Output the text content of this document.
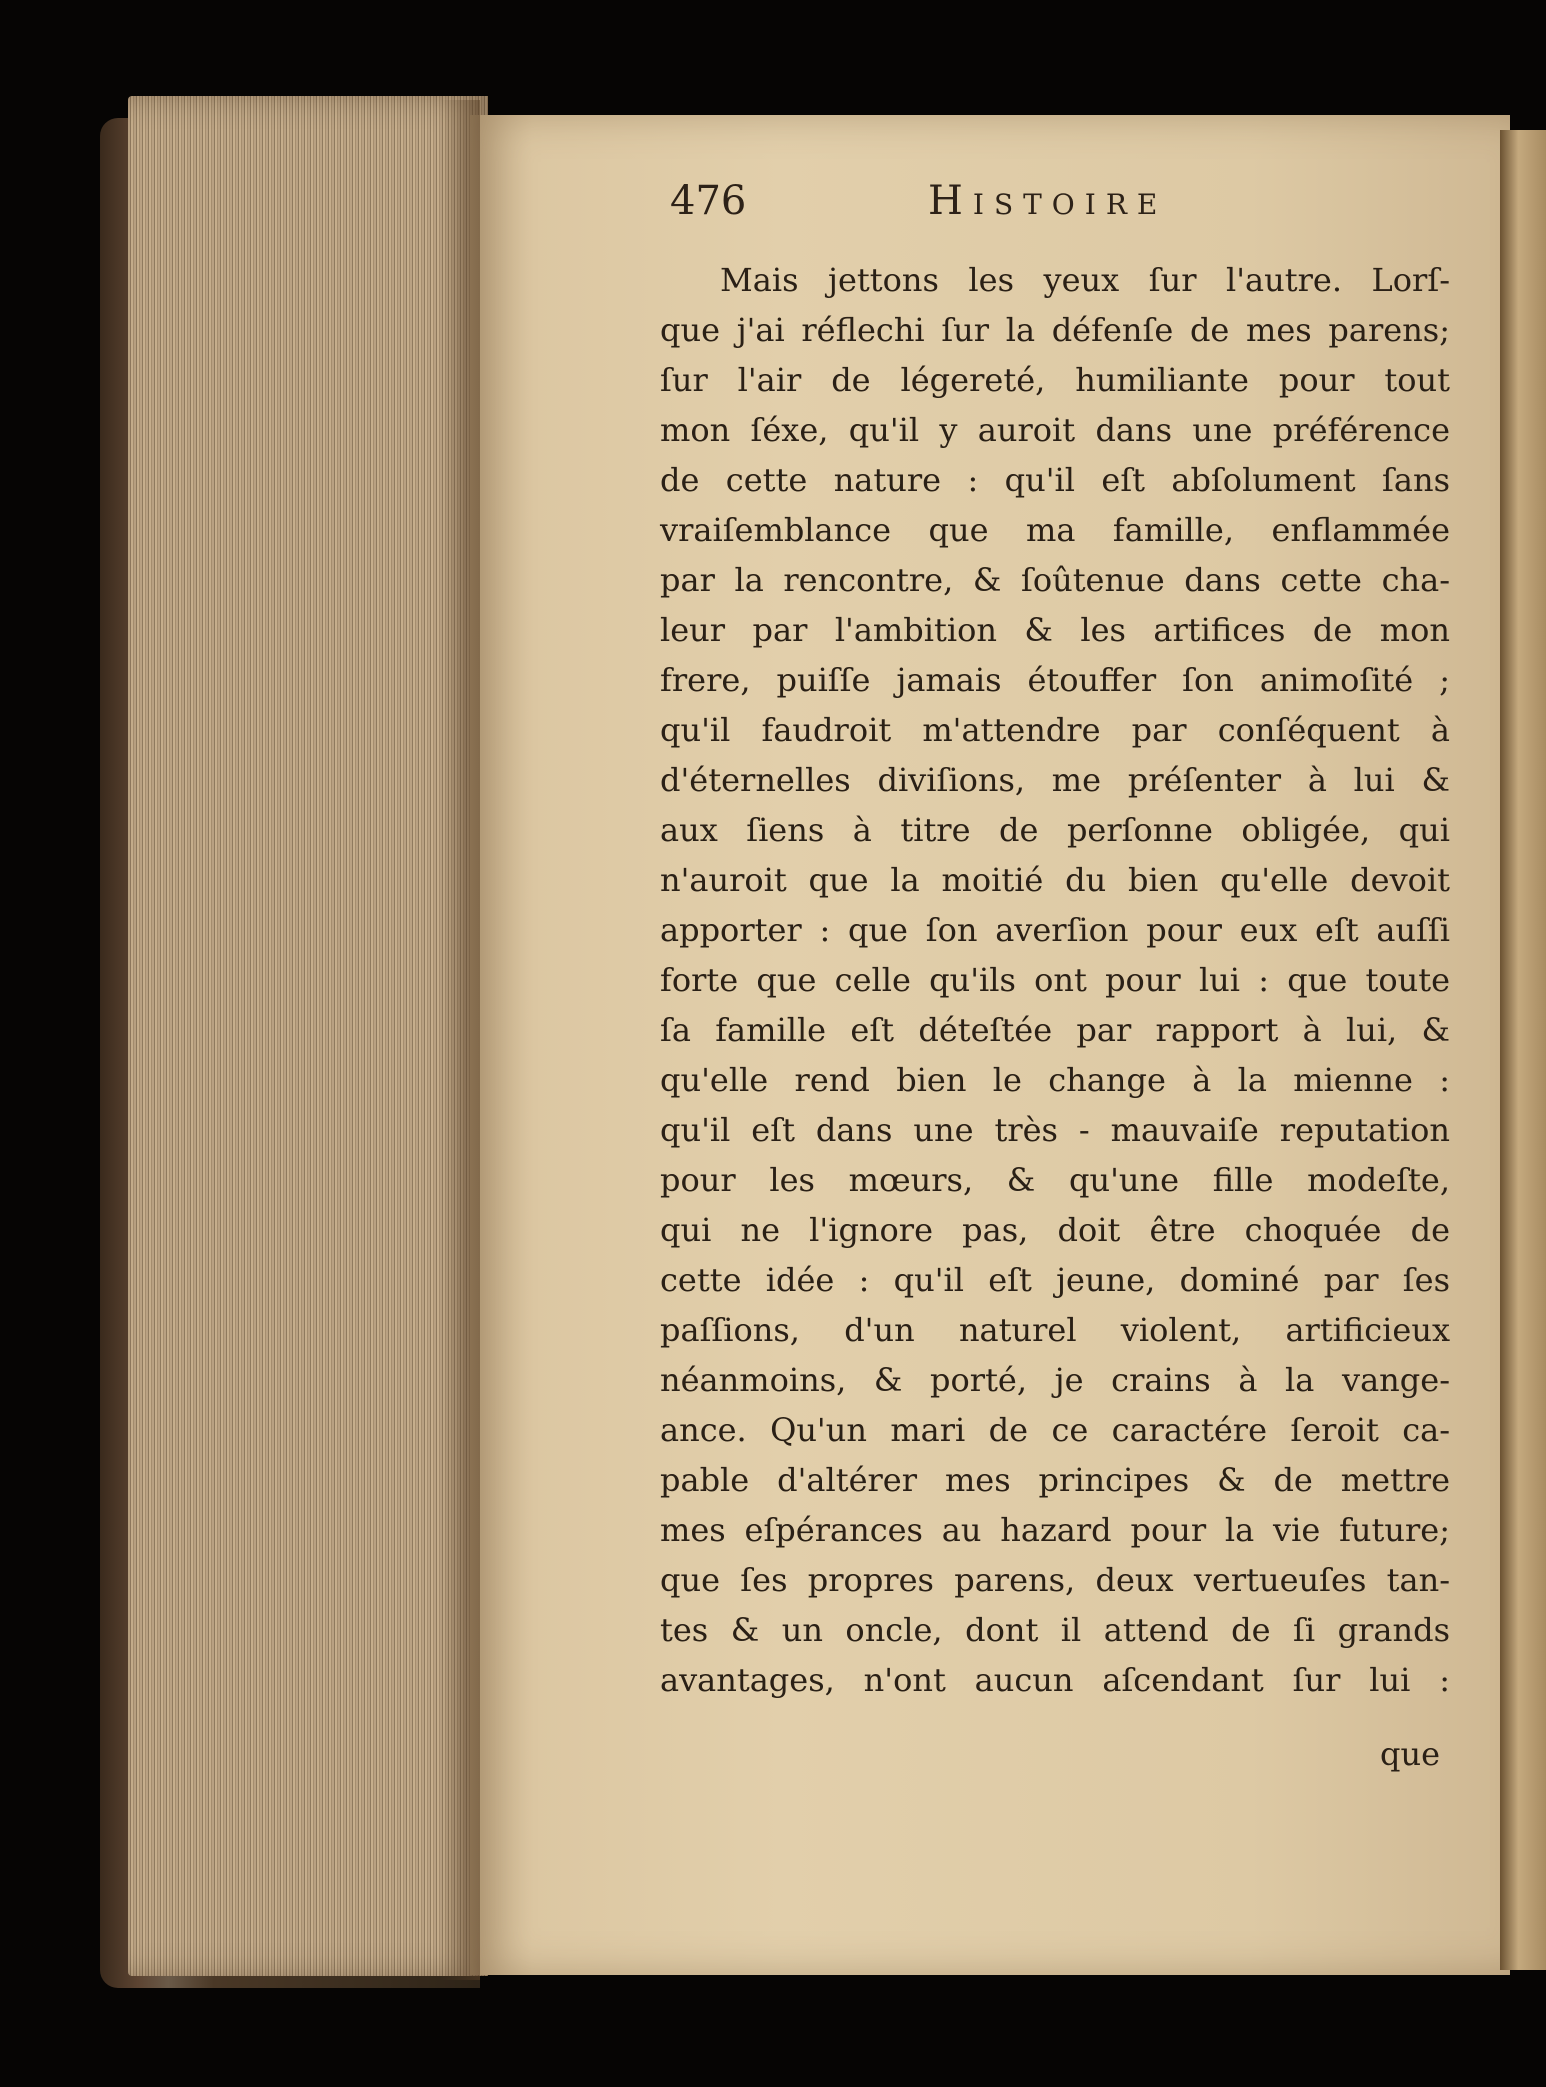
476	Histoire
Mais jettons les yeux ſur l'autre. Lorſ-
que j'ai réflechi ſur la défenſe de mes parens;
ſur l'air de légereté, humiliante pour tout
mon ſéxe, qu'il y auroit dans une préférence
de cette nature : qu'il eſt abſolument ſans
vraiſemblance que ma famille, enflammée
par la rencontre, & ſoûtenue dans cette cha-
leur par l'ambition & les artifices de mon
frere, puiſſe jamais étouffer ſon animoſité ;
qu'il faudroit m'attendre par conſéquent à
d'éternelles diviſions, me préſenter à lui &
aux ſiens à titre de perſonne obligée, qui
n'auroit que la moitié du bien qu'elle devoit
apporter : que ſon averſion pour eux eſt auſſi
forte que celle qu'ils ont pour lui : que toute
ſa famille eſt déteſtée par rapport à lui, &
qu'elle rend bien le change à la mienne :
qu'il eſt dans une très - mauvaiſe reputation
pour les mœurs, & qu'une fille modeſte,
qui ne l'ignore pas, doit être choquée de
cette idée : qu'il eſt jeune, dominé par ſes
paſſions, d'un naturel violent, artificieux
néanmoins, & porté, je crains à la vange-
ance. Qu'un mari de ce caractére ſeroit ca-
pable d'altérer mes principes & de mettre
mes eſpérances au hazard pour la vie future;
que ſes propres parens, deux vertueuſes tan-
tes & un oncle, dont il attend de ſi grands
avantages, n'ont aucun aſcendant ſur lui :
que
